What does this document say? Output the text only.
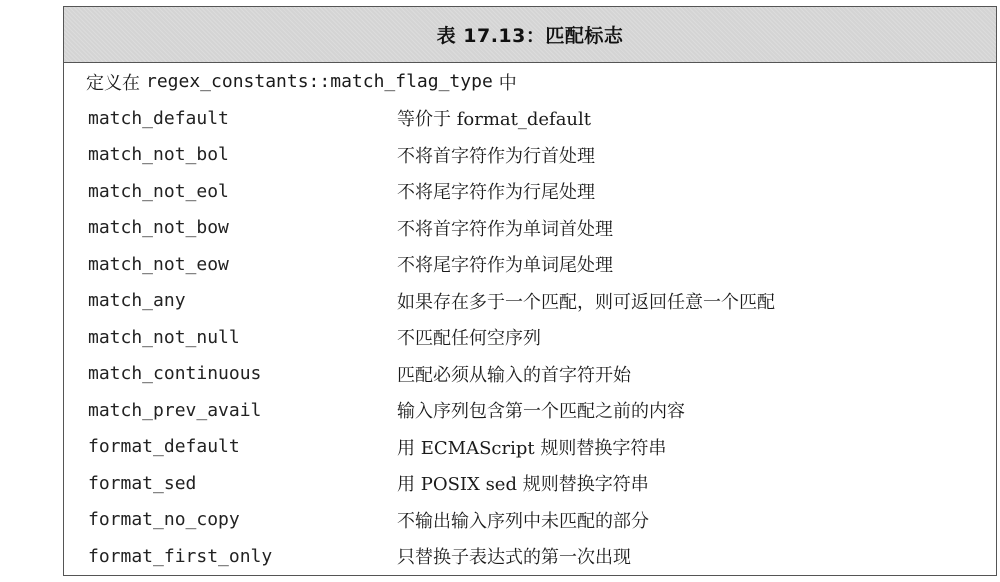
表 17.13：匹配标志
定义在 regex_constants::match_flag_type 中
match_default	等价于 format_default
match_not_bol	不将首字符作为行首处理
match_not_eol	不将尾字符作为行尾处理
match_not_bow	不将首字符作为单词首处理
match_not_eow	不将尾字符作为单词尾处理
match_any	如果存在多于一个匹配，则可返回任意一个匹配
match_not_null	不匹配任何空序列
match_continuous	匹配必须从输入的首字符开始
match_prev_avail	输入序列包含第一个匹配之前的内容
format_default	用 ECMAScript 规则替换字符串
format_sed	用 POSIX sed 规则替换字符串
format_no_copy	不输出输入序列中未匹配的部分
format_first_only	只替换子表达式的第一次出现
